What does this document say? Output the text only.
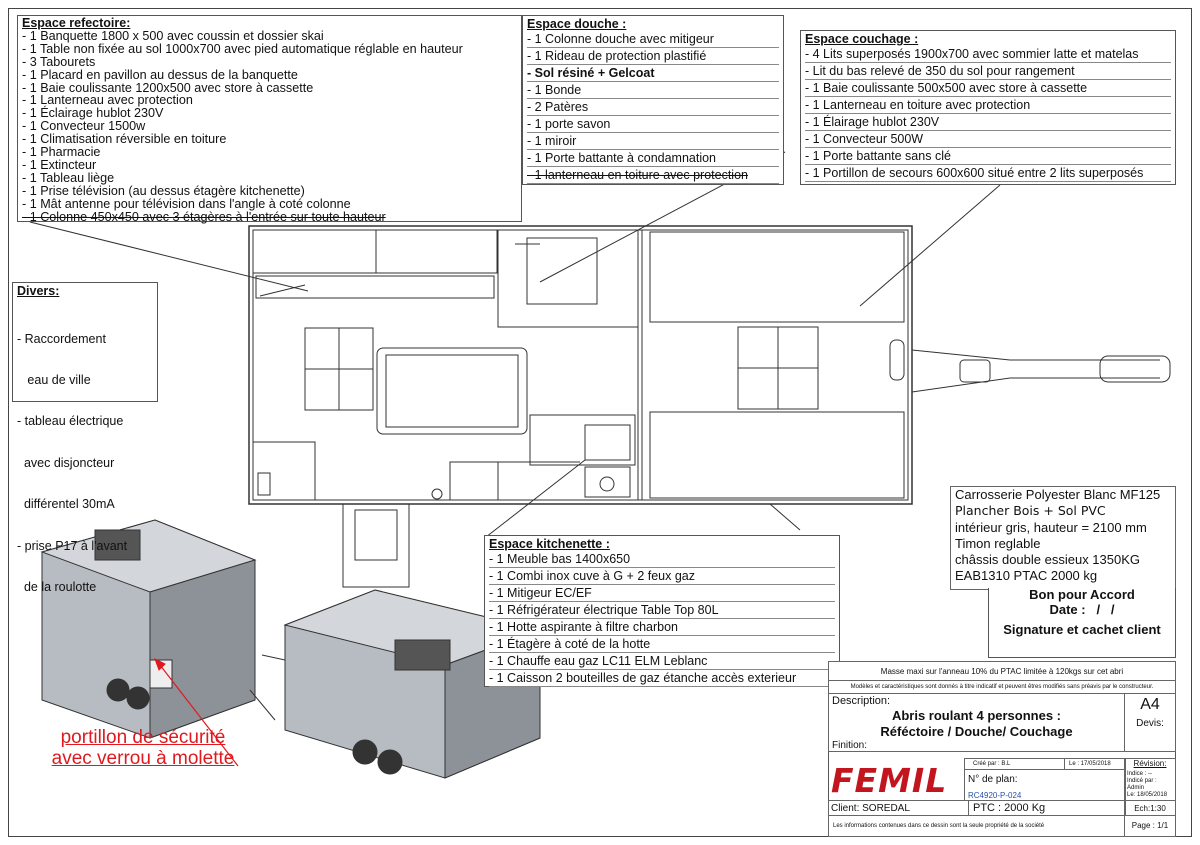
Espace refectoire:
- 1 Banquette 1800 x 500 avec coussin et dossier skai
- 1 Table non fixée au sol 1000x700 avec pied automatique réglable en hauteur
- 3 Tabourets
- 1 Placard en pavillon au dessus de la banquette
- 1 Baie coulissante 1200x500 avec store à cassette
- 1 Lanterneau avec protection
- 1 Éclairage hublot 230V
- 1 Convecteur 1500w
- 1 Climatisation réversible en toiture
- 1 Pharmacie
- 1 Extincteur
- 1 Tableau liège
- 1 Prise télévision (au dessus étagère kitchenette)
- 1 Mât antenne pour télévision dans l'angle à coté colonne
- 1 Colonne 450x450 avec 3 étagères à l'entrée sur toute hauteur
Espace douche :
- 1 Colonne douche avec mitigeur
- 1 Rideau de protection plastifié
- Sol résiné + Gelcoat
- 1 Bonde
- 2 Patères
- 1 porte savon
- 1 miroir
- 1 Porte battante à condamnation
- 1 lanterneau en toiture avec protection
Espace couchage :
- 4 Lits superposés 1900x700 avec sommier latte et matelas
- Lit du bas relevé de 350 du sol pour rangement
- 1 Baie coulissante 500x500 avec store à cassette
- 1 Lanterneau en toiture avec protection
- 1 Élairage hublot 230V
- 1 Convecteur 500W
- 1 Porte battante sans clé
- 1 Portillon de secours 600x600 situé entre 2 lits superposés
Divers:

- Raccordement

eau de ville

- tableau électrique

avec disjoncteur

différentel 30mA

- prise P17 à l'avant

de la roulotte

Espace kitchenette :
- 1 Meuble bas 1400x650
- 1 Combi inox cuve à G + 2 feux gaz
- 1 Mitigeur EC/EF
- 1 Réfrigérateur électrique Table Top 80L
- 1 Hotte aspirante à filtre charbon
- 1 Étagère à coté de la hotte
- 1 Chauffe eau gaz LC11 ELM Leblanc
- 1 Caisson 2 bouteilles de gaz étanche accès exterieur
Carrosserie Polyester Blanc MF125
Plancher Bois + Sol PVC
intérieur gris, hauteur = 2100 mm
Timon reglable
châssis double essieux 1350KG
EAB1310 PTAC 2000 kg
Bon pour Accord
Date :   /   /
Signature et cachet client
portillon de sécurité
avec verrou à molette
Masse maxi sur l'anneau 10% du PTAC limitée à 120kgs sur cet abri
Modèles et caractéristiques sont donnés à titre indicatif et peuvent êtres modifiés sans préavis par le constructeur.
Description:
Abris roulant 4 personnes :
Réféctoire / Douche/ Couchage
Finition:
A4
Devis:
FEMIL	Créé par : B.L	Le : 17/05/2018
N° de plan:
RC4920-P-024
Révision:
Indice : --
Indicé par : Admin
Le: 18/05/2018
Client: SOREDAL	PTC : 2000 Kg	Ech:1:30
Les informations contenues dans ce dessin sont la seule propriété de la société	Page : 1/1
